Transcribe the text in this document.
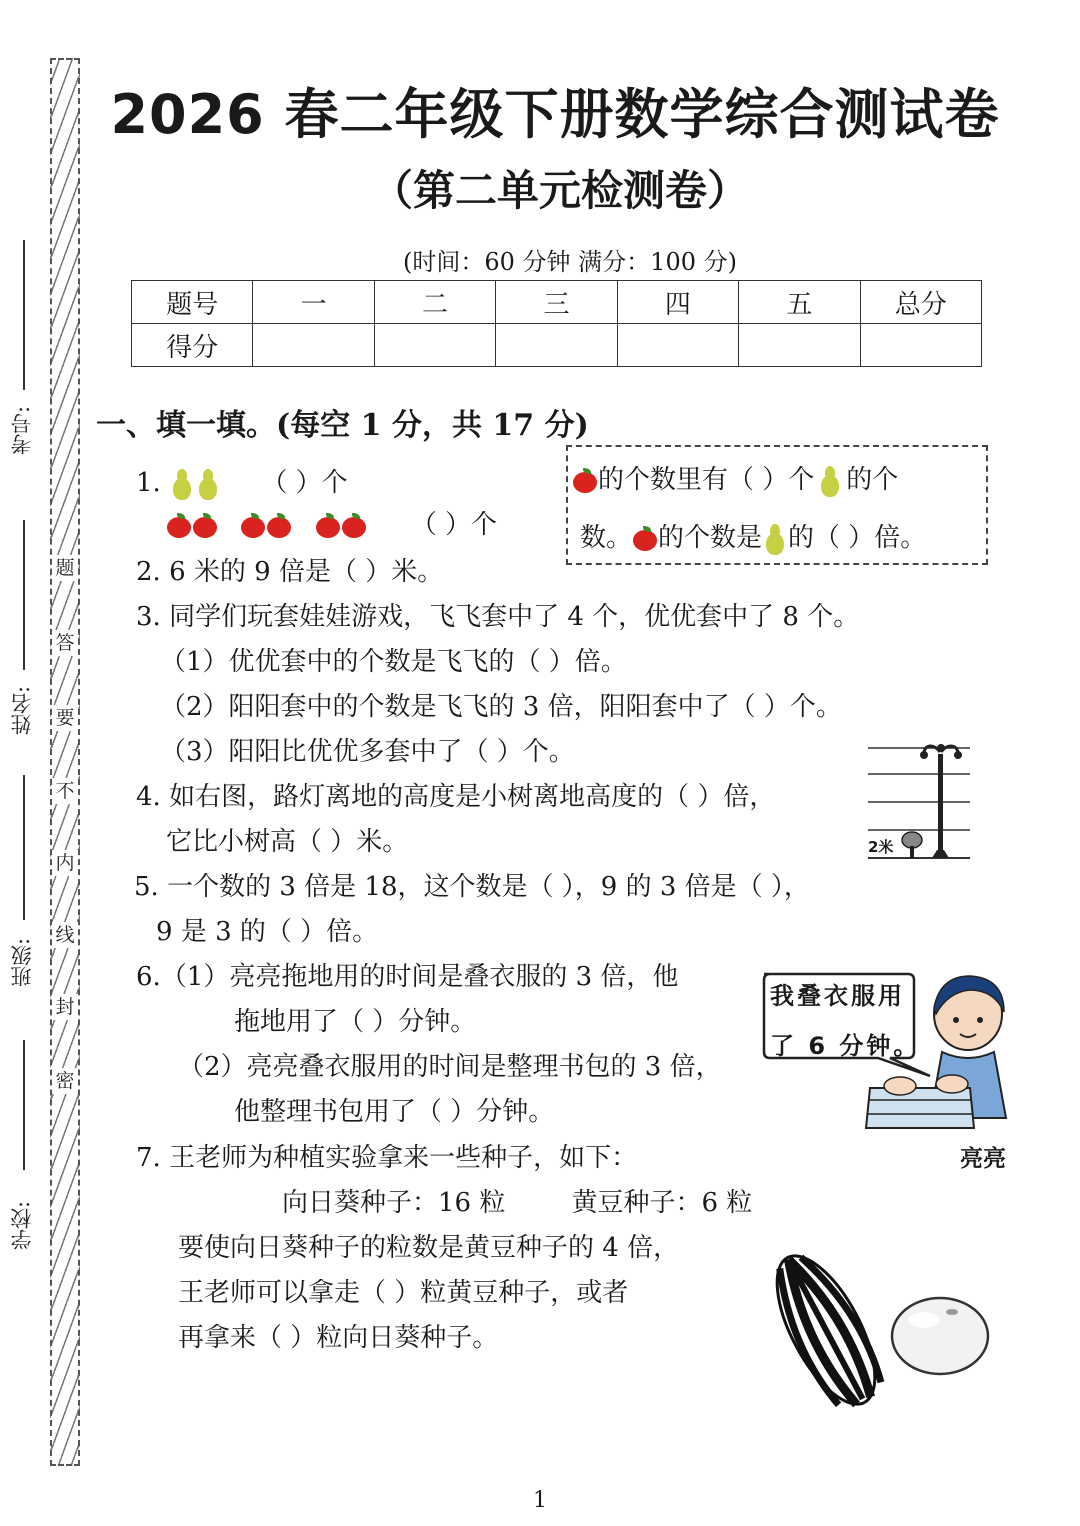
题
答
要
不
内
线
封
密
考号:
姓名:
班级:
学校:
2026 春二年级下册数学综合测试卷
（第二单元检测卷）
(时间：60 分钟 满分：100 分)
题号	一	二	三	四	五	总分
得分						
一、填一填。(每空 1 分，共 17 分)
1.	（ ）个
（ ）个
的个数里有（ ）个 的个
数。 的个数是 的（ ）倍。
2. 6 米的 9 倍是（ ）米。
3. 同学们玩套娃娃游戏，飞飞套中了 4 个，优优套中了 8 个。
（1）优优套中的个数是飞飞的（ ）倍。
（2）阳阳套中的个数是飞飞的 3 倍，阳阳套中了（ ）个。
（3）阳阳比优优多套中了（ ）个。
4. 如右图，路灯离地的高度是小树离地高度的（ ）倍，
它比小树高（ ）米。	2米
5. 一个数的 3 倍是 18，这个数是（ ），9 的 3 倍是（ ），
9 是 3 的（ ）倍。
6.（1）亮亮拖地用的时间是叠衣服的 3 倍，他
拖地用了（ ）分钟。
（2）亮亮叠衣服用的时间是整理书包的 3 倍，
他整理书包用了（ ）分钟。
我叠衣服用
了 6 分钟。
亮亮
7. 王老师为种植实验拿来一些种子，如下：
向日葵种子：16 粒        黄豆种子：6 粒
要使向日葵种子的粒数是黄豆种子的 4 倍，
王老师可以拿走（ ）粒黄豆种子，或者
再拿来（ ）粒向日葵种子。
1
